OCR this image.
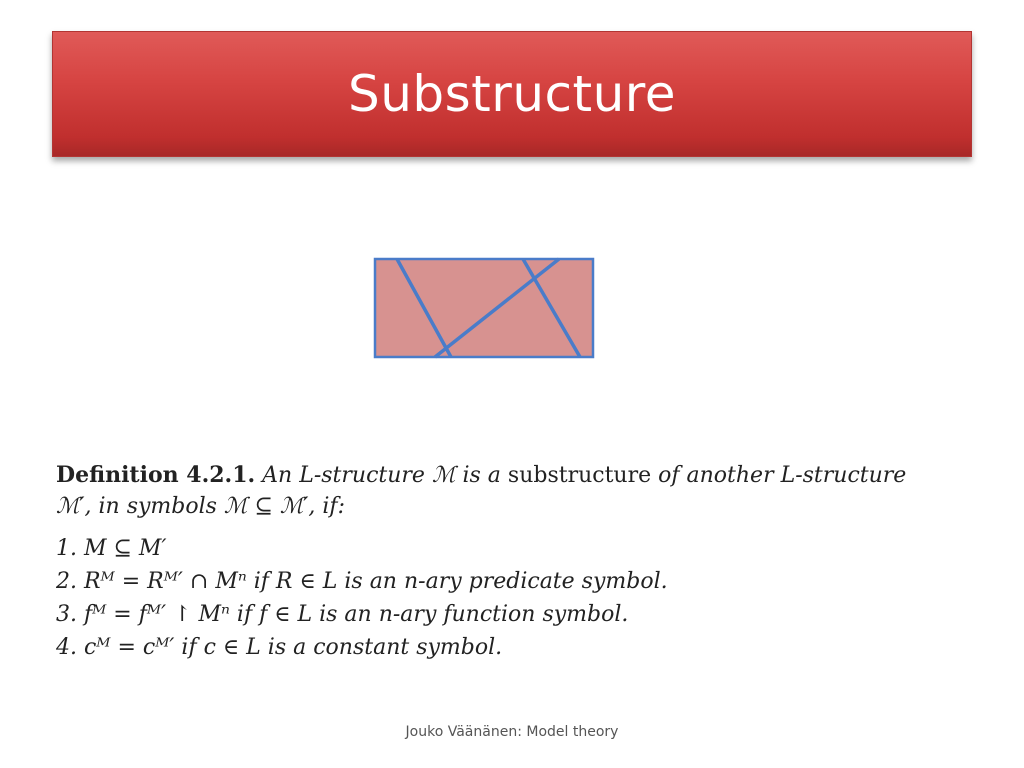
Substructure
Definition 4.2.1. An L-structure ℳ is a substructure of another L-structure
ℳ′, in symbols ℳ ⊆ ℳ′, if:
1. M ⊆ M′
2. Rᴹ = Rᴹ′ ∩ Mⁿ if R ∈ L is an n-ary predicate symbol.
3. fᴹ = fᴹ′ ↾ Mⁿ if f ∈ L is an n-ary function symbol.
4. cᴹ = cᴹ′ if c ∈ L is a constant symbol.
Jouko Väänänen: Model theory
